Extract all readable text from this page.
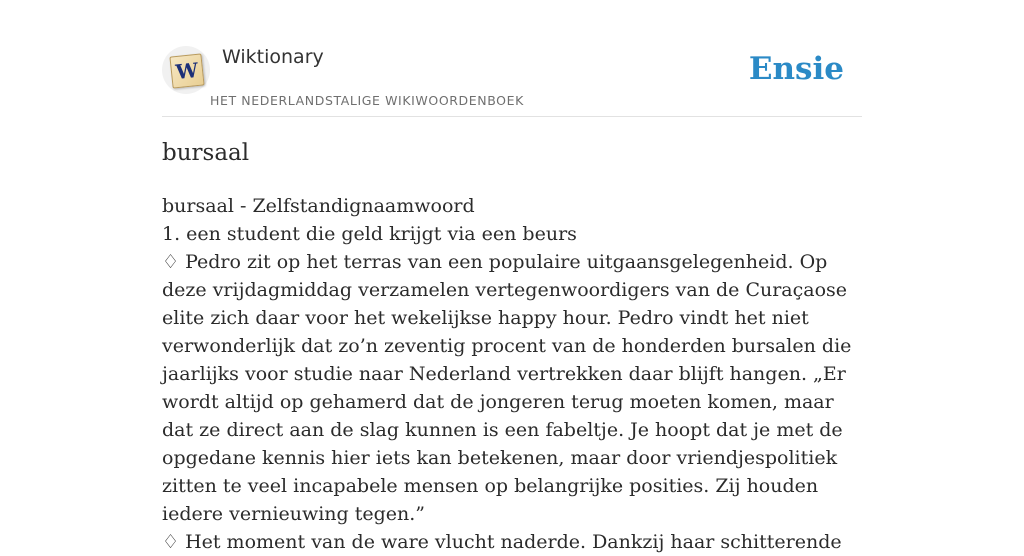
W
Wiktionary
HET NEDERLANDSTALIGE WIKIWOORDENBOEK
Ensie
bursaal

bursaal - Zelfstandignaamwoord

1. een student die geld krijgt via een beurs

♢ Pedro zit op het terras van een populaire uitgaansgelegenheid. Op deze vrijdagmiddag verzamelen vertegenwoordigers van de Curaçaose elite zich daar voor het wekelijkse happy hour. Pedro vindt het niet verwonderlijk dat zo’n zeventig procent van de honderden bursalen die jaarlijks voor studie naar Nederland vertrekken daar blijft hangen. „Er wordt altijd op gehamerd dat de jongeren terug moeten komen, maar dat ze direct aan de slag kunnen is een fabeltje. Je hoopt dat je met de opgedane kennis hier iets kan betekenen, maar door vriendjespolitiek zitten te veel incapabele mensen op belangrijke posities. Zij houden iedere vernieuwing tegen.”

♢ Het moment van de ware vlucht naderde. Dankzij haar schitterende
